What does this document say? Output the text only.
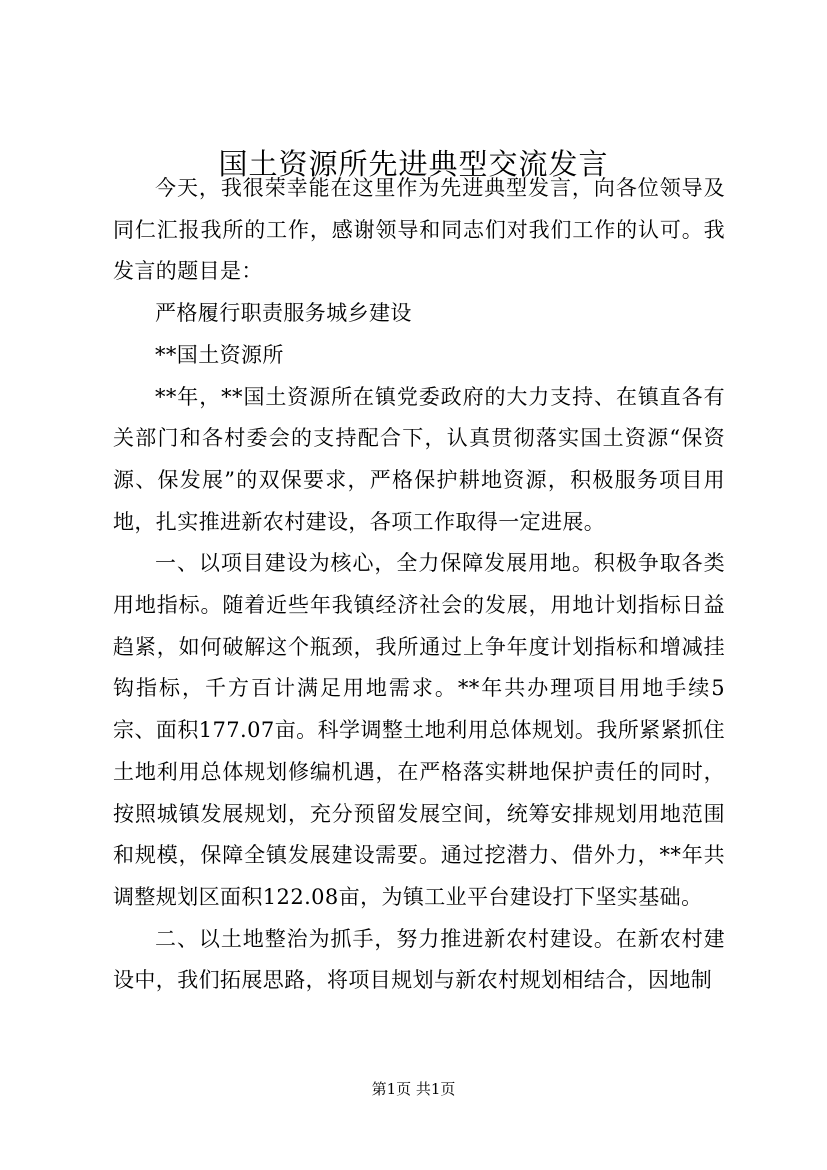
国土资源所先进典型交流发言

今天，我很荣幸能在这里作为先进典型发言，向各位领导及同仁汇报我所的工作，感谢领导和同志们对我们工作的认可。我发言的题目是：

严格履行职责服务城乡建设

**国土资源所

**年，**国土资源所在镇党委政府的大力支持、在镇直各有关部门和各村委会的支持配合下，认真贯彻落实国土资源“保资源、保发展”的双保要求，严格保护耕地资源，积极服务项目用地，扎实推进新农村建设，各项工作取得一定进展。

一、以项目建设为核心，全力保障发展用地。积极争取各类用地指标。随着近些年我镇经济社会的发展，用地计划指标日益趋紧，如何破解这个瓶颈，我所通过上争年度计划指标和增减挂钩指标，千方百计满足用地需求。**年共办理项目用地手续5宗、面积177.07亩。科学调整土地利用总体规划。我所紧紧抓住土地利用总体规划修编机遇，在严格落实耕地保护责任的同时，按照城镇发展规划，充分预留发展空间，统筹安排规划用地范围和规模，保障全镇发展建设需要。通过挖潜力、借外力，**年共调整规划区面积122.08亩，为镇工业平台建设打下坚实基础。

二、以土地整治为抓手，努力推进新农村建设。在新农村建设中，我们拓展思路，将项目规划与新农村规划相结合，因地制

第1页 共1页
